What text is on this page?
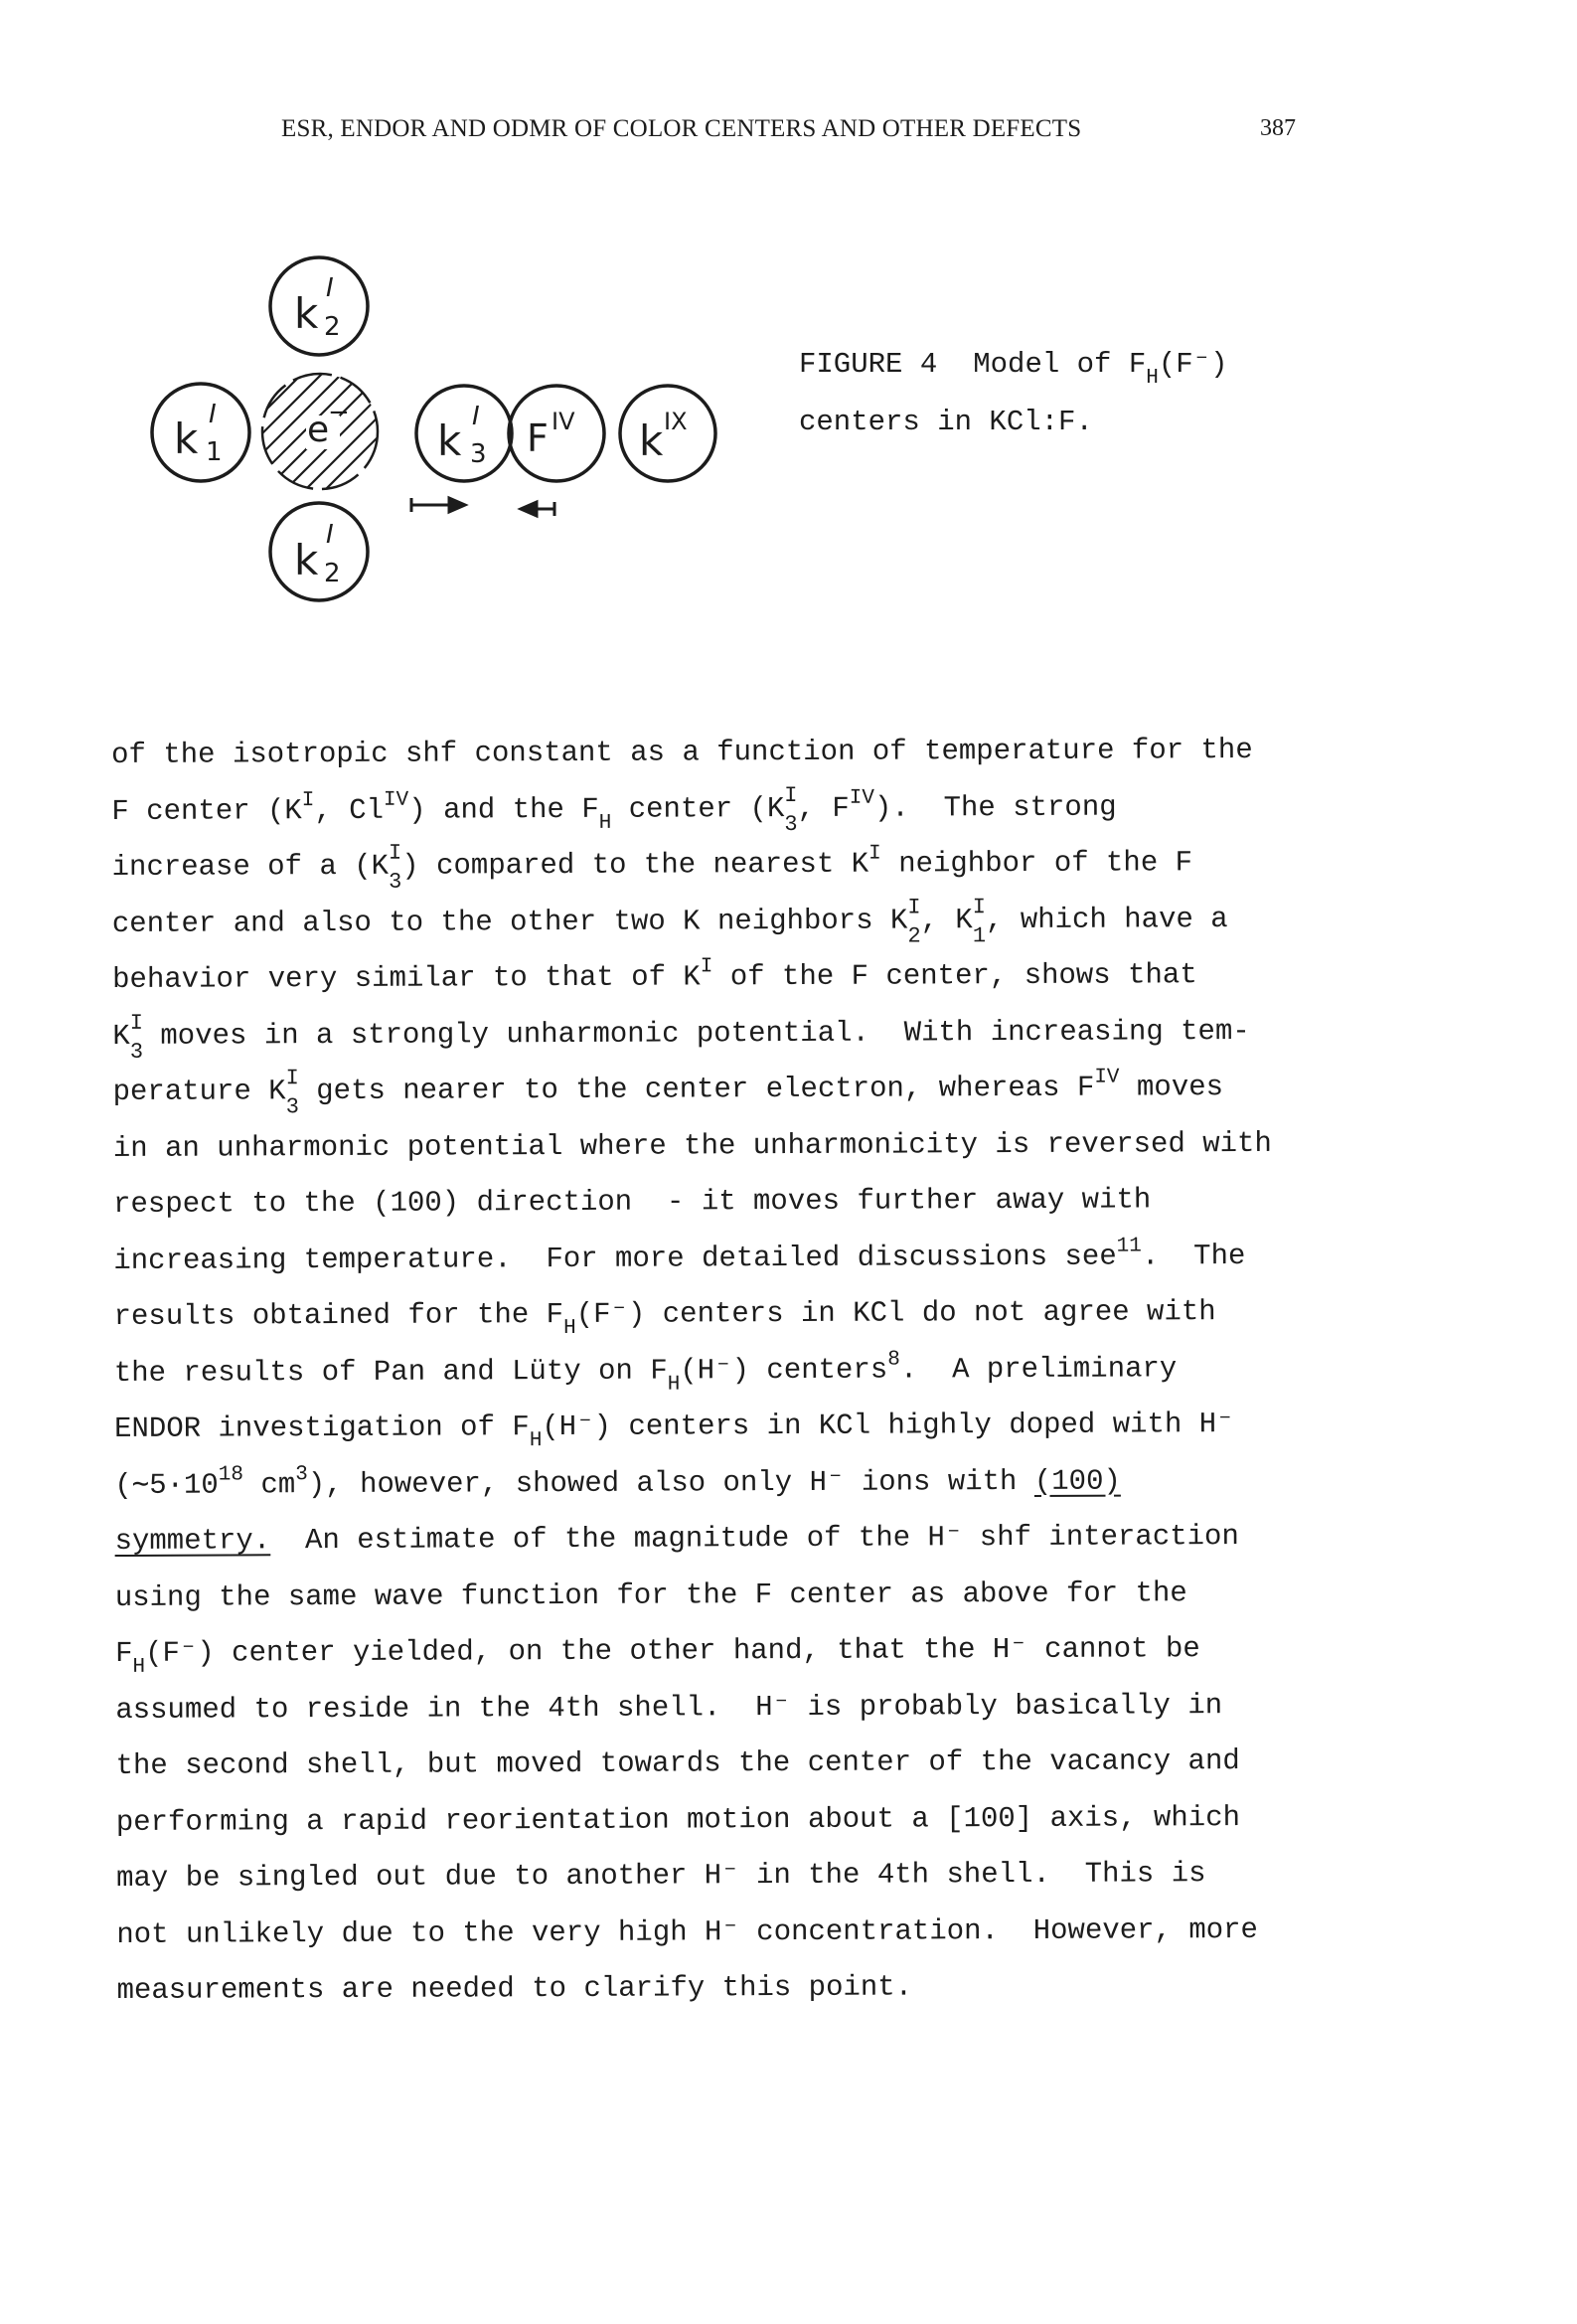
ESR, ENDOR AND ODMR OF COLOR CENTERS AND OTHER DEFECTS	387
k
I
2
k I
1
e
−
k
I
2
k I
3 F IV k IX
FIGURE 4 Model of $F_H(F^-)$
centers in KCl:F.
of the isotropic shf constant as a function of temperature for the
F center ($K^I$, $Cl^{IV}$) and the $F_H$ center (K I
3 , $F^{IV}$).  The strong
increase of a (K I
3 ) compared to the nearest $K^I$ neighbor of the F
center and also to the other two K neighbors K I
2 , K I
1 , which have a
behavior very similar to that of $K^I$ of the F center, shows that
K I
3 moves in a strongly unharmonic potential.  With increasing tem-
perature K I
3 gets nearer to the center electron, whereas $F^{IV}$ moves
in an unharmonic potential where the unharmonicity is reversed with
respect to the (100) direction  - it moves further away with
increasing temperature.  For more detailed discussions see$^{11}$.  The
results obtained for the $F_H(F^-)$ centers in KCl do not agree with
the results of Pan and Lüty on $F_H(H^-)$ centers$^8$.  A preliminary
ENDOR investigation of $F_H(H^-)$ centers in KCl highly doped with H⁻
($\sim 5\cdot 10^{18}$ $cm^3$), however, showed also only H⁻ ions with (100)
symmetry.  An estimate of the magnitude of the H⁻ shf interaction
using the same wave function for the F center as above for the
$F_H(F^-)$ center yielded, on the other hand, that the H⁻ cannot be
assumed to reside in the 4th shell.  H⁻ is probably basically in
the second shell, but moved towards the center of the vacancy and
performing a rapid reorientation motion about a [100] axis, which
may be singled out due to another H⁻ in the 4th shell.  This is
not unlikely due to the very high H⁻ concentration.  However, more
measurements are needed to clarify this point.
